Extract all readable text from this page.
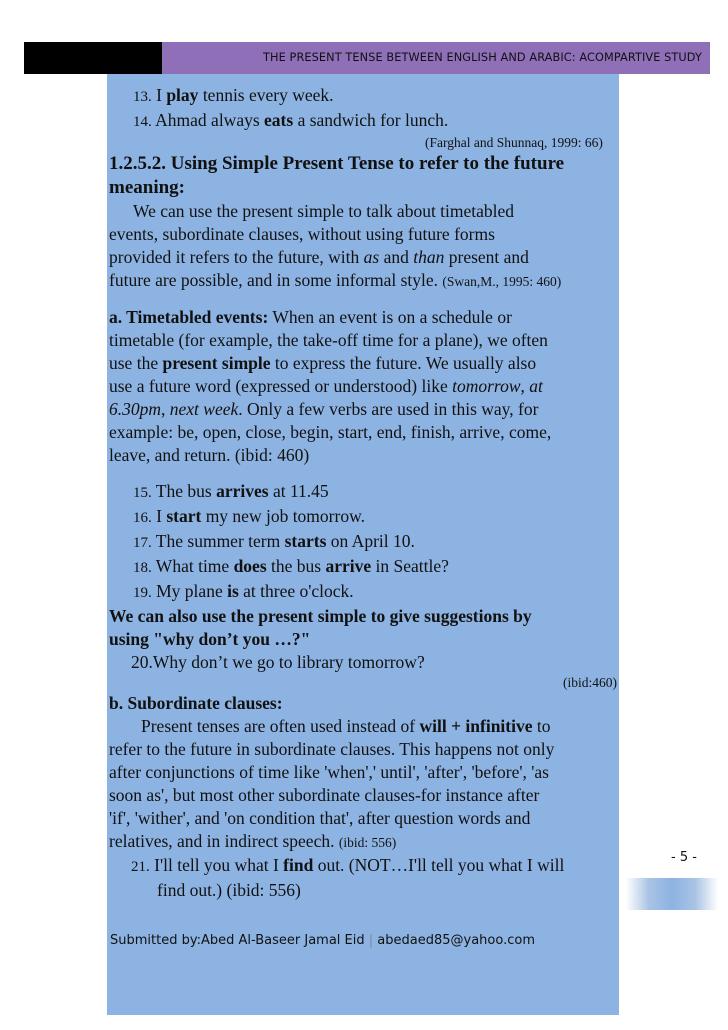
THE PRESENT TENSE BETWEEN ENGLISH AND ARABIC: ACOMPARTIVE STUDY
13. I play tennis every week.
14. Ahmad always eats a sandwich for lunch.
(Farghal and Shunnaq, 1999: 66)
1.2.5.2. Using Simple Present Tense to refer to the future
meaning:
We can use the present simple to talk about timetabled
events, subordinate clauses, without using future forms
provided it refers to the future, with as and than present and
future are possible, and in some informal style. (Swan,M., 1995: 460)
a. Timetabled events: When an event is on a schedule or
timetable (for example, the take-off time for a plane), we often
use the present simple to express the future. We usually also
use a future word (expressed or understood) like tomorrow, at
6.30pm, next week. Only a few verbs are used in this way, for
example: be, open, close, begin, start, end, finish, arrive, come,
leave, and return. (ibid: 460)
15. The bus arrives at 11.45
16. I start my new job tomorrow.
17. The summer term starts on April 10.
18. What time does the bus arrive in Seattle?
19. My plane is at three o'clock.
We can also use the present simple to give suggestions by
using "why don’t you …?"
20.Why don’t we go to library tomorrow?
(ibid:460)
b. Subordinate clauses:
Present tenses are often used instead of will + infinitive to
refer to the future in subordinate clauses. This happens not only
after conjunctions of time like 'when',' until', 'after', 'before', 'as
soon as', but most other subordinate clauses-for instance after
'if', 'wither', and 'on condition that', after question words and
relatives, and in indirect speech. (ibid: 556)
21. I'll tell you what I find out. (NOT…I'll tell you what I will
find out.) (ibid: 556)
- 5 -
Submitted by:Abed Al-Baseer Jamal Eid | abedaed85@yahoo.com
